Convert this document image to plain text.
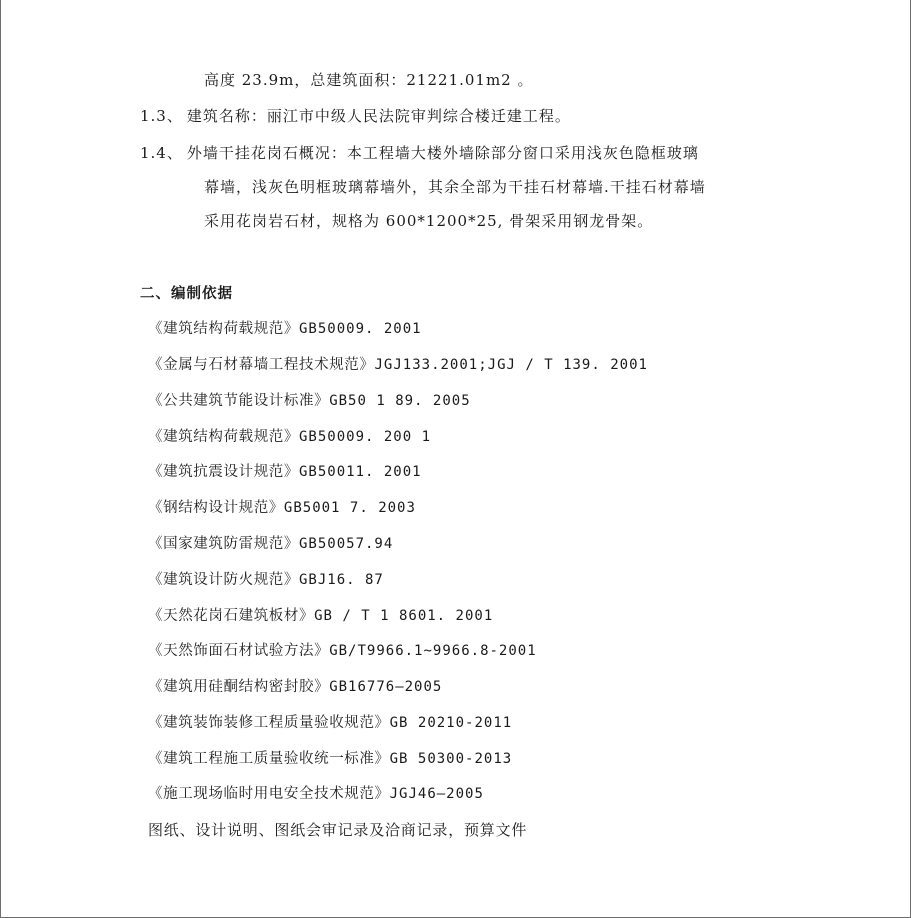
高度 23.9m，总建筑面积：21221.01m2 。
1.3、 建筑名称：丽江市中级人民法院审判综合楼迁建工程。
1.4、 外墙干挂花岗石概况：本工程墙大楼外墙除部分窗口采用浅灰色隐框玻璃
幕墙，浅灰色明框玻璃幕墙外，其余全部为干挂石材幕墙.干挂石材幕墙
采用花岗岩石材，规格为 600*1200*25, 骨架采用钢龙骨架。
二、编制依据
《建筑结构荷载规范》GB50009. 2001
《金属与石材幕墙工程技术规范》JGJ133.2001;JGJ / T 139. 2001
《公共建筑节能设计标准》GB50 1 89. 2005
《建筑结构荷载规范》GB50009. 200 1
《建筑抗震设计规范》GB50011. 2001
《钢结构设计规范》GB5001 7. 2003
《国家建筑防雷规范》GB50057.94
《建筑设计防火规范》GBJ16. 87
《天然花岗石建筑板材》GB / T 1 8601. 2001
《天然饰面石材试验方法》GB/T9966.1~9966.8-2001
《建筑用硅酮结构密封胶》GB16776—2005
《建筑装饰装修工程质量验收规范》GB 20210-2011
《建筑工程施工质量验收统一标准》GB 50300-2013
《施工现场临时用电安全技术规范》JGJ46—2005
图纸、设计说明、图纸会审记录及洽商记录，预算文件
